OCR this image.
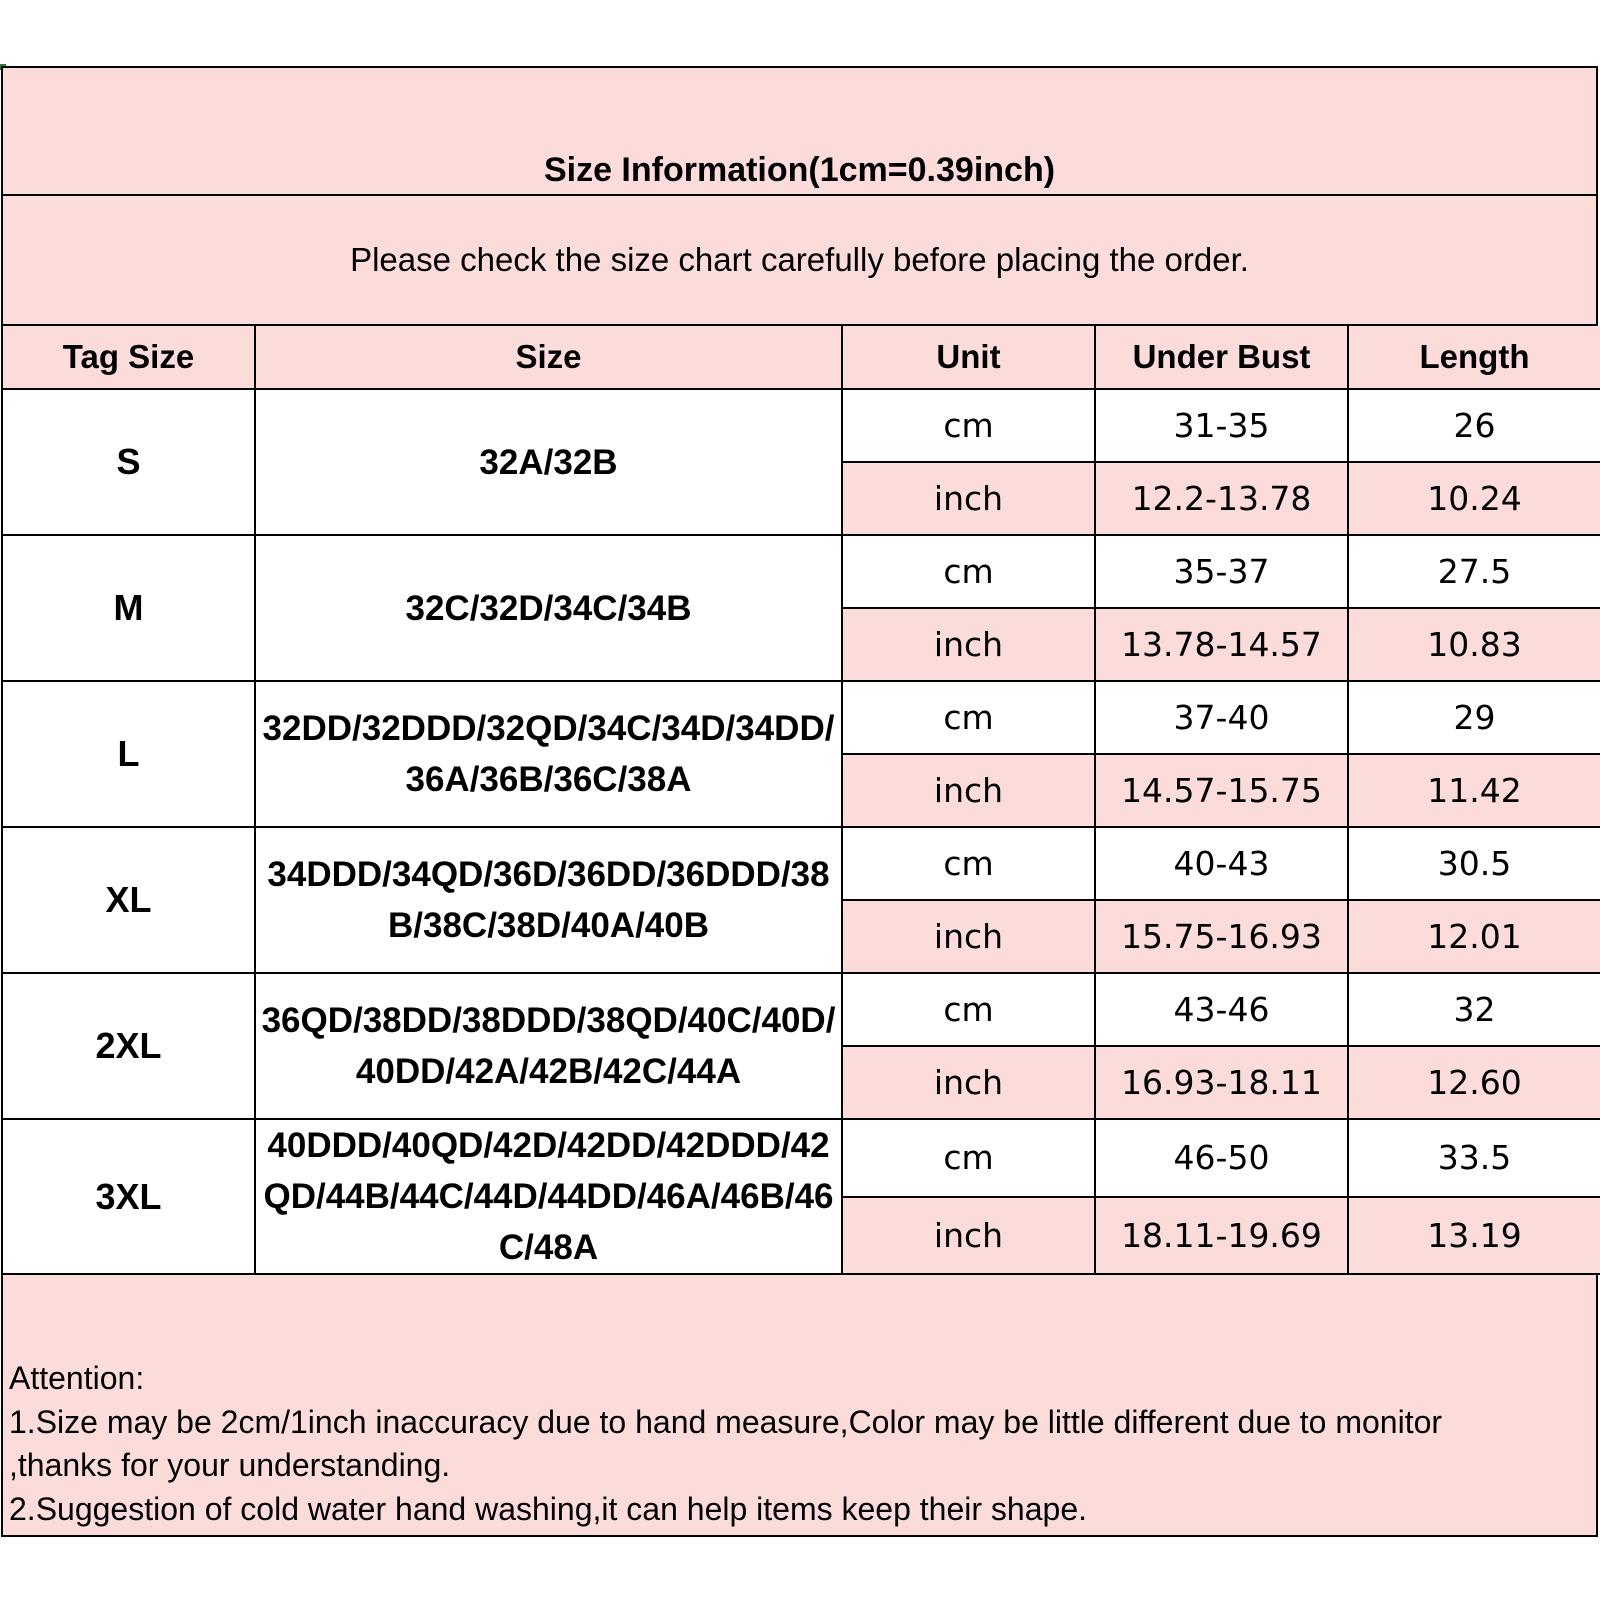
Size Information(1cm=0.39inch)
Please check the size chart carefully before placing the order.
Tag Size	Size	Unit	Under Bust	Length
S	32A/32B	cm	31-35	26
		inch	12.2-13.78	10.24
M	32C/32D/34C/34B	cm	35-37	27.5
		inch	13.78-14.57	10.83
L	32DD/32DDD/32QD/34C/34D/34DD/36A/36B/36C/38A	cm	37-40	29
		inch	14.57-15.75	11.42
XL	34DDD/34QD/36D/36DD/36DDD/38B/38C/38D/40A/40B	cm	40-43	30.5
		inch	15.75-16.93	12.01
2XL	36QD/38DD/38DDD/38QD/40C/40D/40DD/42A/42B/42C/44A	cm	43-46	32
		inch	16.93-18.11	12.60
3XL	40DDD/40QD/42D/42DD/42DDD/42QD/44B/44C/44D/44DD/46A/46B/46C/48A	cm	46-50	33.5
		inch	18.11-19.69	13.19
Attention:
1.Size may be 2cm/1inch inaccuracy due to hand measure,Color may be little different due to monitor
,thanks for your understanding.
2.Suggestion of cold water hand washing,it can help items keep their shape.
